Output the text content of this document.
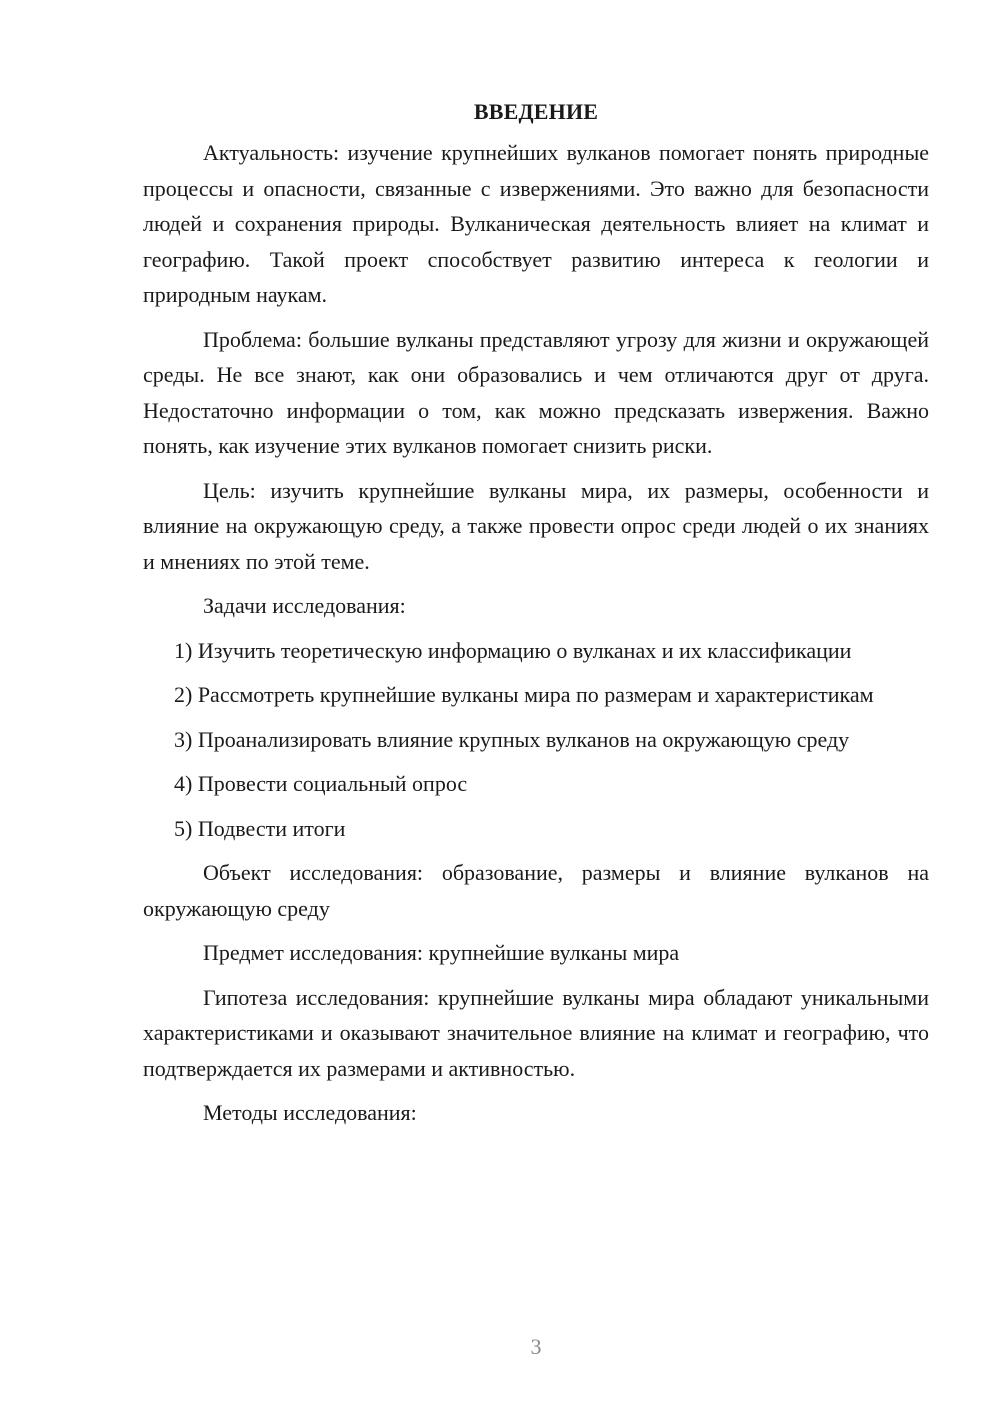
ВВЕДЕНИЕ

Актуальность: изучение крупнейших вулканов помогает понять природные процессы и опасности, связанные с извержениями. Это важно для безопасности людей и сохранения природы. Вулканическая деятельность влияет на климат и географию. Такой проект способствует развитию интереса к геологии и природным наукам.

Проблема: большие вулканы представляют угрозу для жизни и окружающей среды. Не все знают, как они образовались и чем отличаются друг от друга. Недостаточно информации о том, как можно предсказать извержения. Важно понять, как изучение этих вулканов помогает снизить риски.

Цель: изучить крупнейшие вулканы мира, их размеры, особенности и влияние на окружающую среду, а также провести опрос среди людей о их знаниях и мнениях по этой теме.

Задачи исследования:

1) Изучить теоретическую информацию о вулканах и их классификации

2) Рассмотреть крупнейшие вулканы мира по размерам и характеристикам

3) Проанализировать влияние крупных вулканов на окружающую среду

4) Провести социальный опрос

5) Подвести итоги

Объект исследования: образование, размеры и влияние вулканов на окружающую среду

Предмет исследования: крупнейшие вулканы мира

Гипотеза исследования: крупнейшие вулканы мира обладают уникальными характеристиками и оказывают значительное влияние на климат и географию, что подтверждается их размерами и активностью.

Методы исследования:

3
